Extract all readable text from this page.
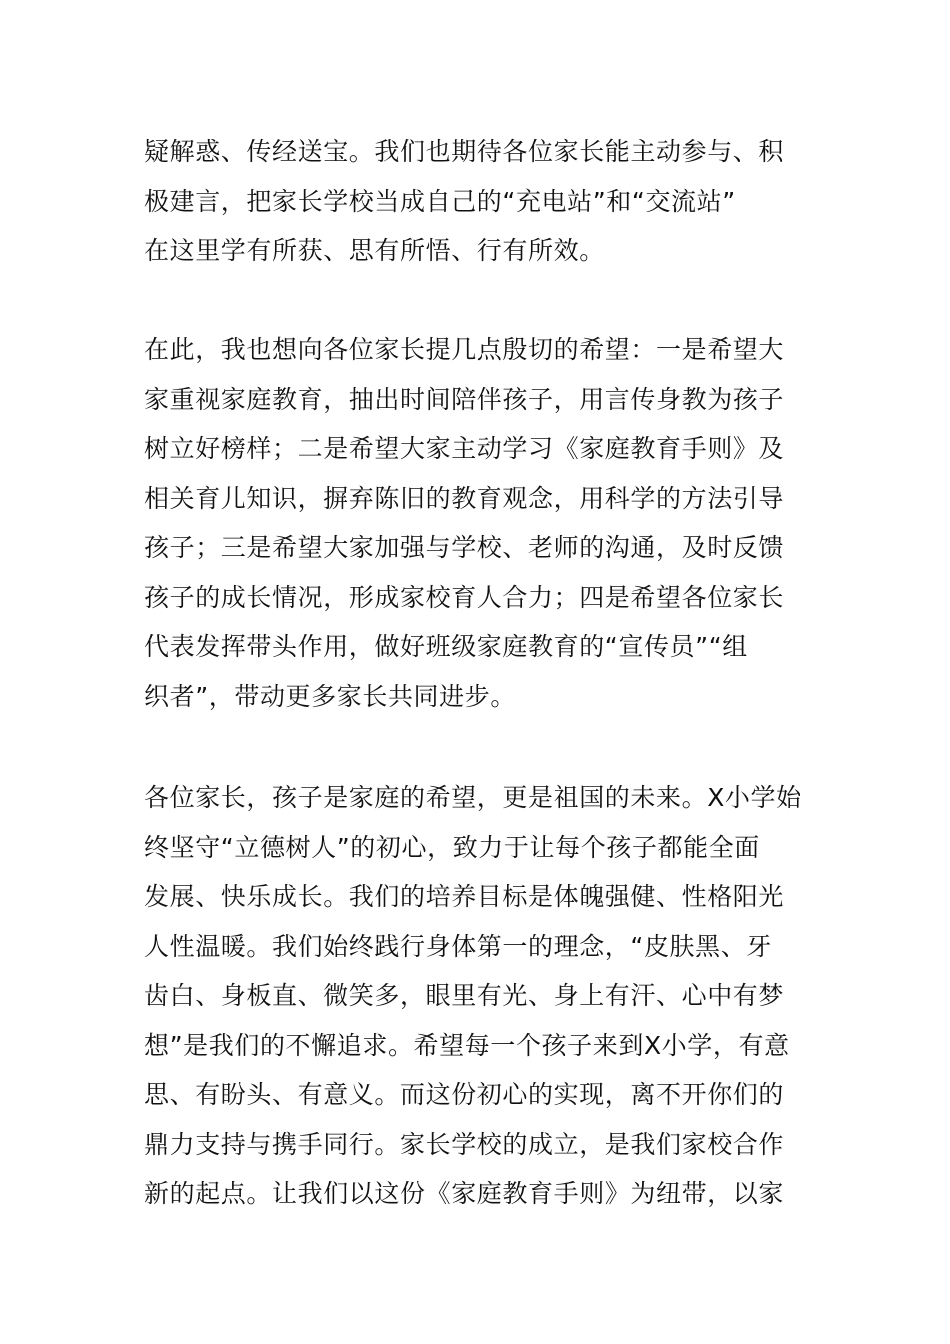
疑解惑、传经送宝。我们也期待各位家长能主动参与、积
极建言，把家长学校当成自己的“充电站”和“交流站”
在这里学有所获、思有所悟、行有所效。

在此，我也想向各位家长提几点殷切的希望：一是希望大
家重视家庭教育，抽出时间陪伴孩子，用言传身教为孩子
树立好榜样；二是希望大家主动学习《家庭教育手则》及
相关育儿知识，摒弃陈旧的教育观念，用科学的方法引导
孩子；三是希望大家加强与学校、老师的沟通，及时反馈
孩子的成长情况，形成家校育人合力；四是希望各位家长
代表发挥带头作用，做好班级家庭教育的“宣传员”“组
织者”，带动更多家长共同进步。

各位家长，孩子是家庭的希望，更是祖国的未来。X小学始
终坚守“立德树人”的初心，致力于让每个孩子都能全面
发展、快乐成长。我们的培养目标是体魄强健、性格阳光
人性温暖。我们始终践行身体第一的理念，“皮肤黑、牙
齿白、身板直、微笑多，眼里有光、身上有汗、心中有梦
想”是我们的不懈追求。希望每一个孩子来到X小学，有意
思、有盼头、有意义。而这份初心的实现，离不开你们的
鼎力支持与携手同行。家长学校的成立，是我们家校合作
新的起点。让我们以这份《家庭教育手则》为纽带，以家
